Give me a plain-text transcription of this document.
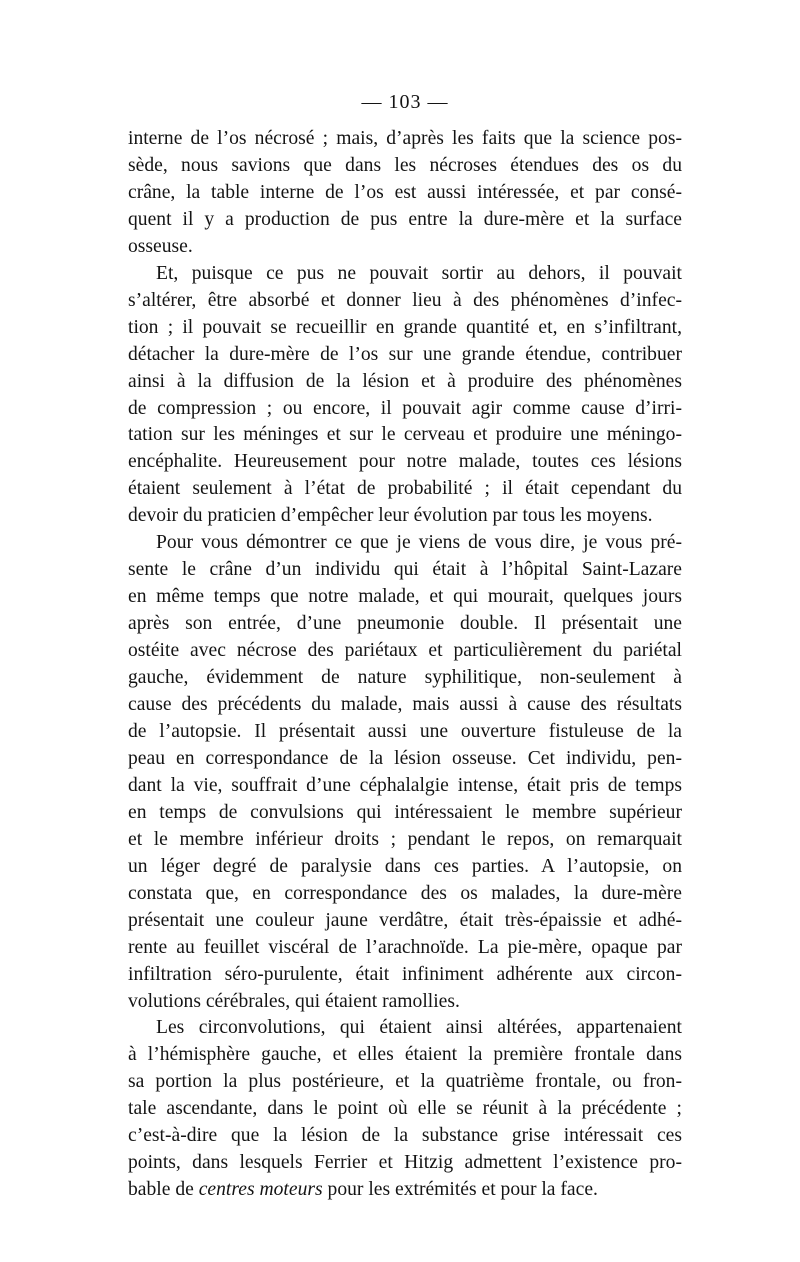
— 103 —

interne de l’os nécrosé ; mais, d’après les faits que la science pos-
sède, nous savions que dans les nécroses étendues des os du
crâne, la table interne de l’os est aussi intéressée, et par consé-
quent il y a production de pus entre la dure-mère et la surface
osseuse.

Et, puisque ce pus ne pouvait sortir au dehors, il pouvait
s’altérer, être absorbé et donner lieu à des phénomènes d’infec-
tion ; il pouvait se recueillir en grande quantité et, en s’infiltrant,
détacher la dure-mère de l’os sur une grande étendue, contribuer
ainsi à la diffusion de la lésion et à produire des phénomènes
de compression ; ou encore, il pouvait agir comme cause d’irri-
tation sur les méninges et sur le cerveau et produire une méningo-
encéphalite. Heureusement pour notre malade, toutes ces lésions
étaient seulement à l’état de probabilité ; il était cependant du
devoir du praticien d’empêcher leur évolution par tous les moyens.

Pour vous démontrer ce que je viens de vous dire, je vous pré-
sente le crâne d’un individu qui était à l’hôpital Saint-Lazare
en même temps que notre malade, et qui mourait, quelques jours
après son entrée, d’une pneumonie double. Il présentait une
ostéite avec nécrose des pariétaux et particulièrement du pariétal
gauche, évidemment de nature syphilitique, non-seulement à
cause des précédents du malade, mais aussi à cause des résultats
de l’autopsie. Il présentait aussi une ouverture fistuleuse de la
peau en correspondance de la lésion osseuse. Cet individu, pen-
dant la vie, souffrait d’une céphalalgie intense, était pris de temps
en temps de convulsions qui intéressaient le membre supérieur
et le membre inférieur droits ; pendant le repos, on remarquait
un léger degré de paralysie dans ces parties. A l’autopsie, on
constata que, en correspondance des os malades, la dure-mère
présentait une couleur jaune verdâtre, était très-épaissie et adhé-
rente au feuillet viscéral de l’arachnoïde. La pie-mère, opaque par
infiltration séro-purulente, était infiniment adhérente aux circon-
volutions cérébrales, qui étaient ramollies.

Les circonvolutions, qui étaient ainsi altérées, appartenaient
à l’hémisphère gauche, et elles étaient la première frontale dans
sa portion la plus postérieure, et la quatrième frontale, ou fron-
tale ascendante, dans le point où elle se réunit à la précédente ;
c’est-à-dire que la lésion de la substance grise intéressait ces
points, dans lesquels Ferrier et Hitzig admettent l’existence pro-
bable de centres moteurs pour les extrémités et pour la face.
